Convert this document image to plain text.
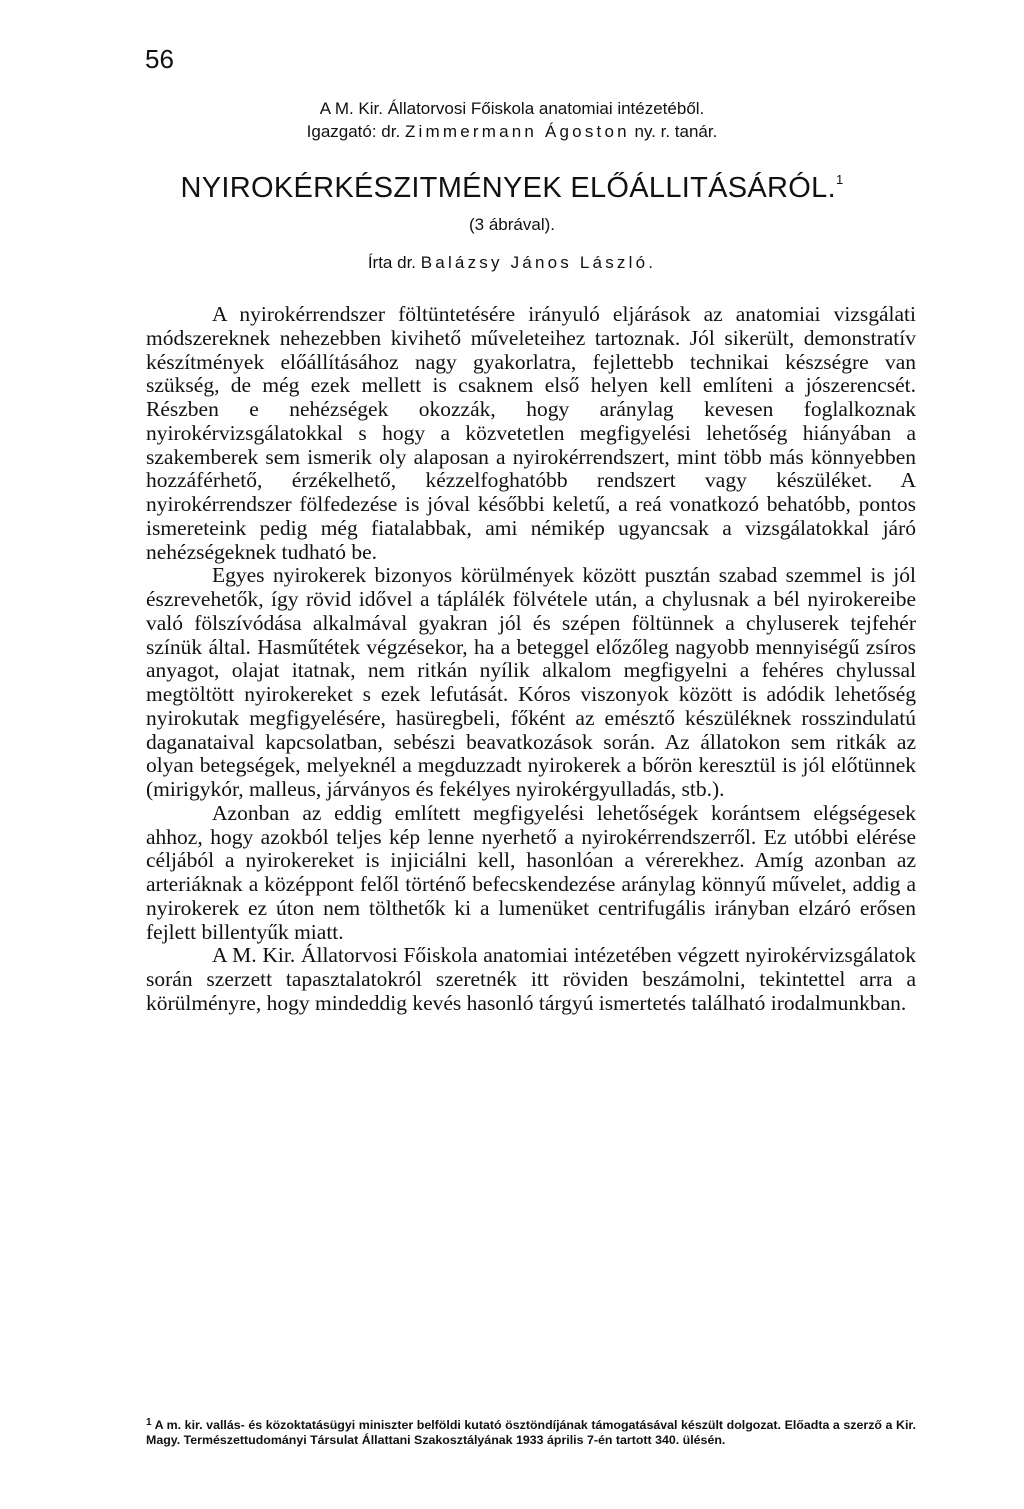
56
A M. Kir. Állatorvosi Főiskola anatomiai intézetéből.
Igazgató: dr. Zimmermann Ágoston ny. r. tanár.
NYIROKÉRKÉSZITMÉNYEK ELŐÁLLITÁSÁRÓL.$^1$
(3 ábrával).
Írta dr. Balázsy János László.

A nyirokérrendszer föltüntetésére irányuló eljárások az anatomiai vizsgálati módszereknek nehezebben kivihető műveleteihez tartoznak. Jól sikerült, demonstratív készítmények előállításához nagy gyakorlatra, fejlettebb technikai készségre van szükség, de még ezek mellett is csaknem első helyen kell említeni a jószerencsét. Részben e nehézségek okozzák, hogy aránylag kevesen foglalkoznak nyirokérvizsgálatokkal s hogy a közvetetlen megfigyelési lehetőség hiányában a szakemberek sem ismerik oly alaposan a nyirokérrendszert, mint több más könnyebben hozzáférhető, érzékelhető, kézzelfoghatóbb rendszert vagy készüléket. A nyirokérrendszer fölfedezése is jóval későbbi keletű, a reá vonatkozó behatóbb, pontos ismereteink pedig még fiatalabbak, ami némikép ugyancsak a vizsgálatokkal járó nehézségeknek tudható be.

Egyes nyirokerek bizonyos körülmények között pusztán szabad szemmel is jól észrevehetők, így rövid idővel a táplálék fölvétele után, a chylusnak a bél nyirokereibe való fölszívódása alkalmával gyakran jól és szépen föltünnek a chyluserek tejfehér színük által. Hasműtétek végzésekor, ha a beteggel előzőleg nagyobb mennyiségű zsíros anyagot, olajat itatnak, nem ritkán nyílik alkalom megfigyelni a fehéres chylussal megtöltött nyirokereket s ezek lefutását. Kóros viszonyok között is adódik lehetőség nyirokutak megfigyelésére, hasüregbeli, főként az emésztő készüléknek rosszindulatú daganataival kapcsolatban, sebészi beavatkozások során. Az állatokon sem ritkák az olyan betegségek, melyeknél a megduzzadt nyirokerek a bőrön keresztül is jól előtünnek (mirigykór, malleus, járványos és fekélyes nyirokérgyulladás, stb.).

Azonban az eddig említett megfigyelési lehetőségek korántsem elégségesek ahhoz, hogy azokból teljes kép lenne nyerhető a nyirokérrendszerről. Ez utóbbi elérése céljából a nyirokereket is injiciálni kell, hasonlóan a vérerekhez. Amíg azonban az arteriáknak a középpont felől történő befecskendezése aránylag könnyű művelet, addig a nyirokerek ez úton nem tölthetők ki a lumenüket centrifugális irányban elzáró erősen fejlett billentyűk miatt.

A M. Kir. Állatorvosi Főiskola anatomiai intézetében végzett nyirokérvizsgálatok során szerzett tapasztalatokról szeretnék itt röviden beszámolni, tekintettel arra a körülményre, hogy mindeddig kevés hasonló tárgyú ismertetés található irodalmunkban.

$^1$ A m. kir. vallás- és közoktatásügyi miniszter belföldi kutató ösztöndíjának támogatásával készült dolgozat. Előadta a szerző a Kir. Magy. Természettudományi Társulat Állattani Szakosztályának 1933 április 7-én tartott 340. ülésén.
